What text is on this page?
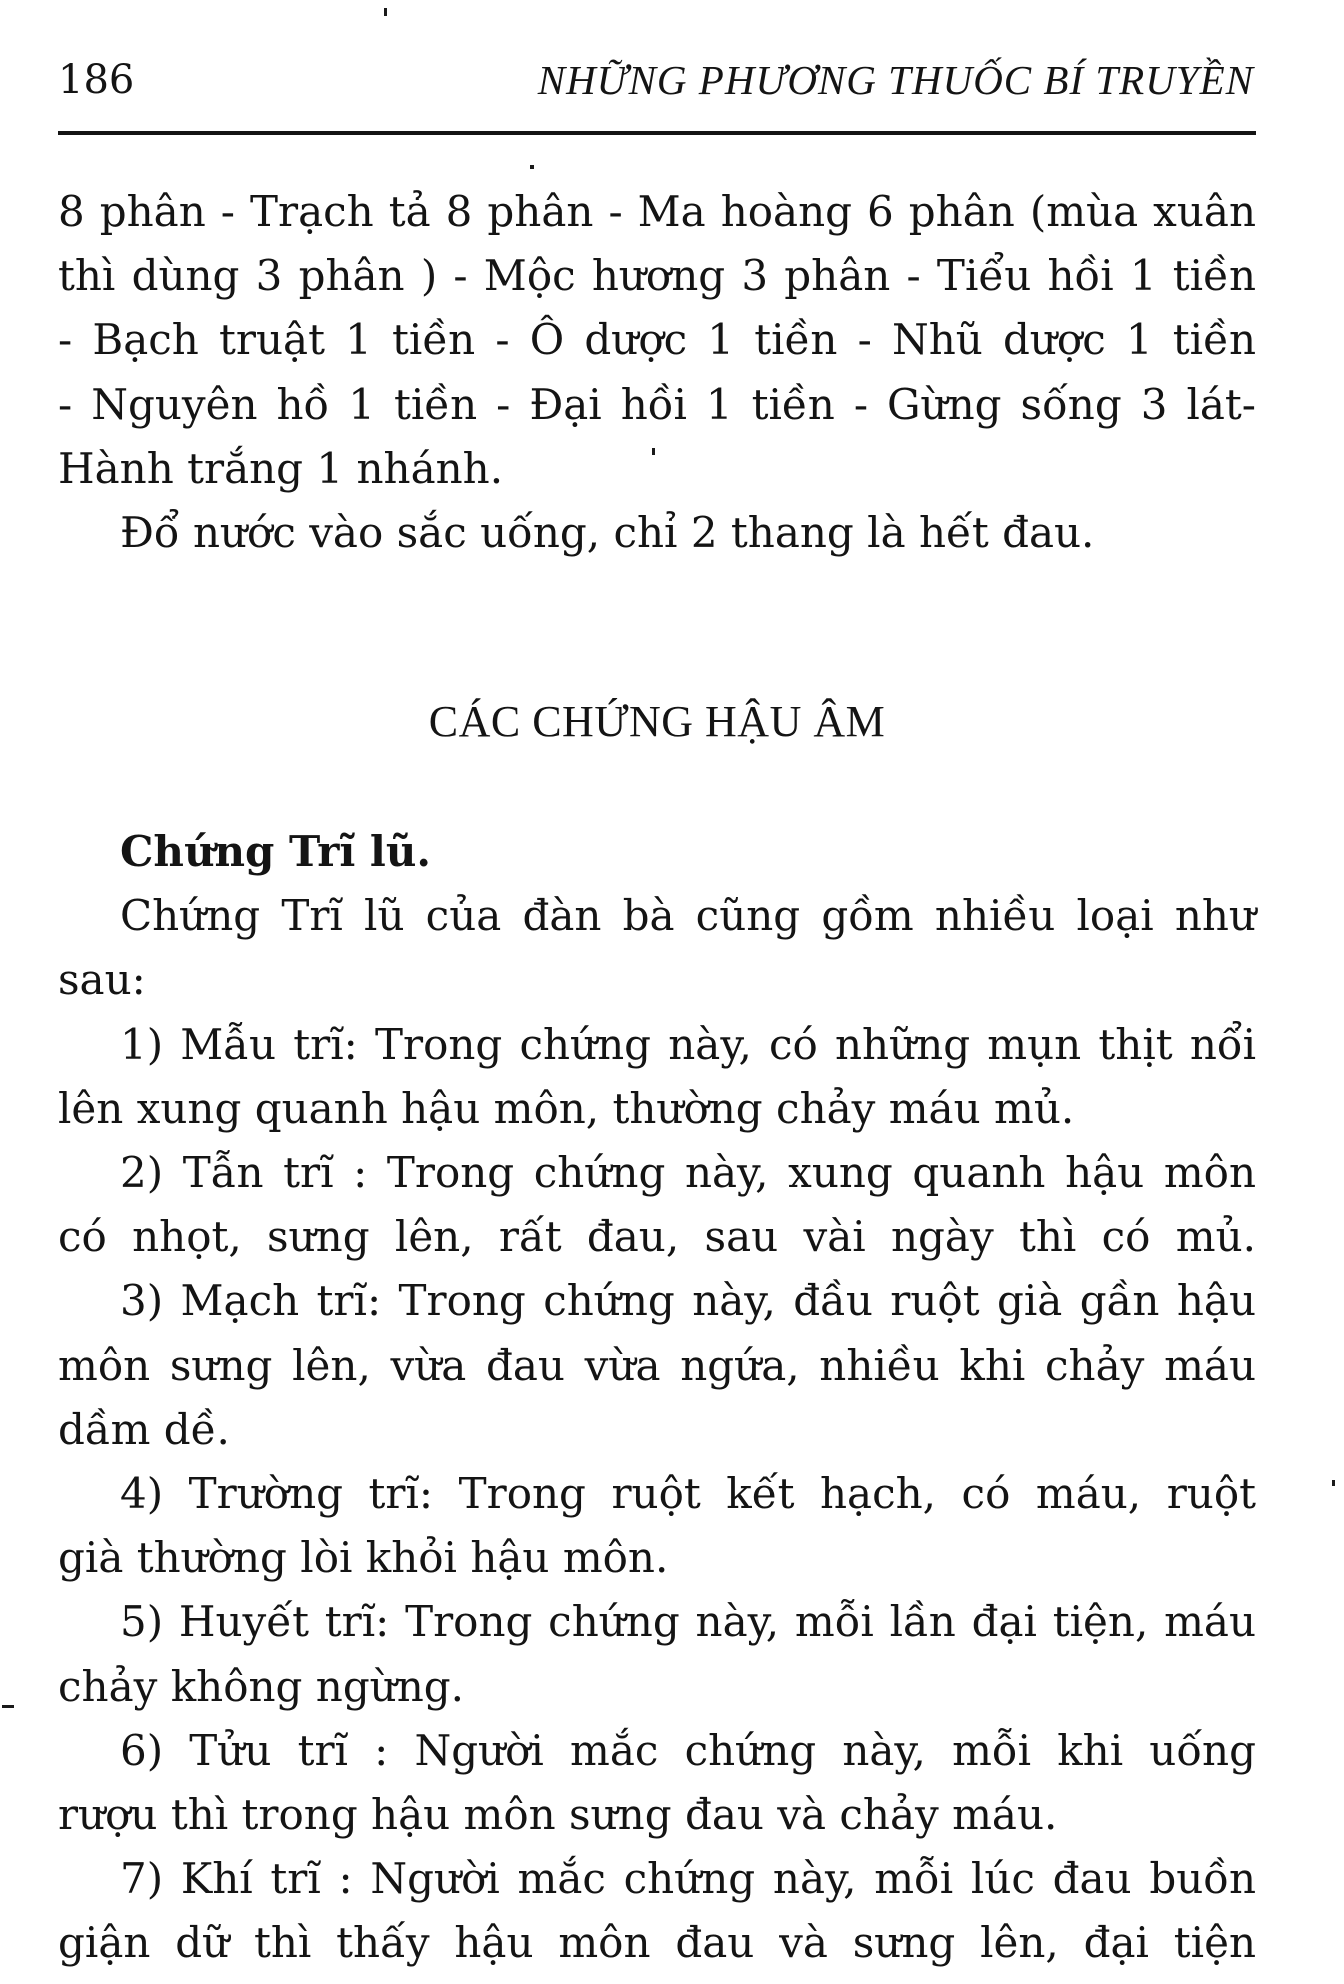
186	NHỮNG PHƯƠNG THUỐC BÍ TRUYỀN
8 phân - Trạch tả 8 phân - Ma hoàng 6 phân (mùa xuân
thì dùng 3 phân ) - Mộc hương 3 phân - Tiểu hồi 1 tiền
- Bạch truật 1 tiền - Ô dược 1 tiền - Nhũ dược 1 tiền
- Nguyên hồ 1 tiền - Đại hồi 1 tiền - Gừng sống 3 lát-
Hành trắng 1 nhánh.
Đổ nước vào sắc uống, chỉ 2 thang là hết đau.
CÁC CHỨNG HẬU ÂM
Chứng Trĩ lũ.
Chứng Trĩ lũ của đàn bà cũng gồm nhiều loại như
sau:
1) Mẫu trĩ: Trong chứng này, có những mụn thịt nổi
lên xung quanh hậu môn, thường chảy máu mủ.
2) Tẫn trĩ : Trong chứng này, xung quanh hậu môn
có nhọt, sưng lên, rất đau, sau vài ngày thì có mủ.
3) Mạch trĩ: Trong chứng này, đầu ruột già gần hậu
môn sưng lên, vừa đau vừa ngứa, nhiều khi chảy máu
dầm dề.
4) Trường trĩ: Trong ruột kết hạch, có máu, ruột
già thường lòi khỏi hậu môn.
5) Huyết trĩ: Trong chứng này, mỗi lần đại tiện, máu
chảy không ngừng.
6) Tửu trĩ : Người mắc chứng này, mỗi khi uống
rượu thì trong hậu môn sưng đau và chảy máu.
7) Khí trĩ : Người mắc chứng này, mỗi lúc đau buồn
giận dữ thì thấy hậu môn đau và sưng lên, đại tiện
